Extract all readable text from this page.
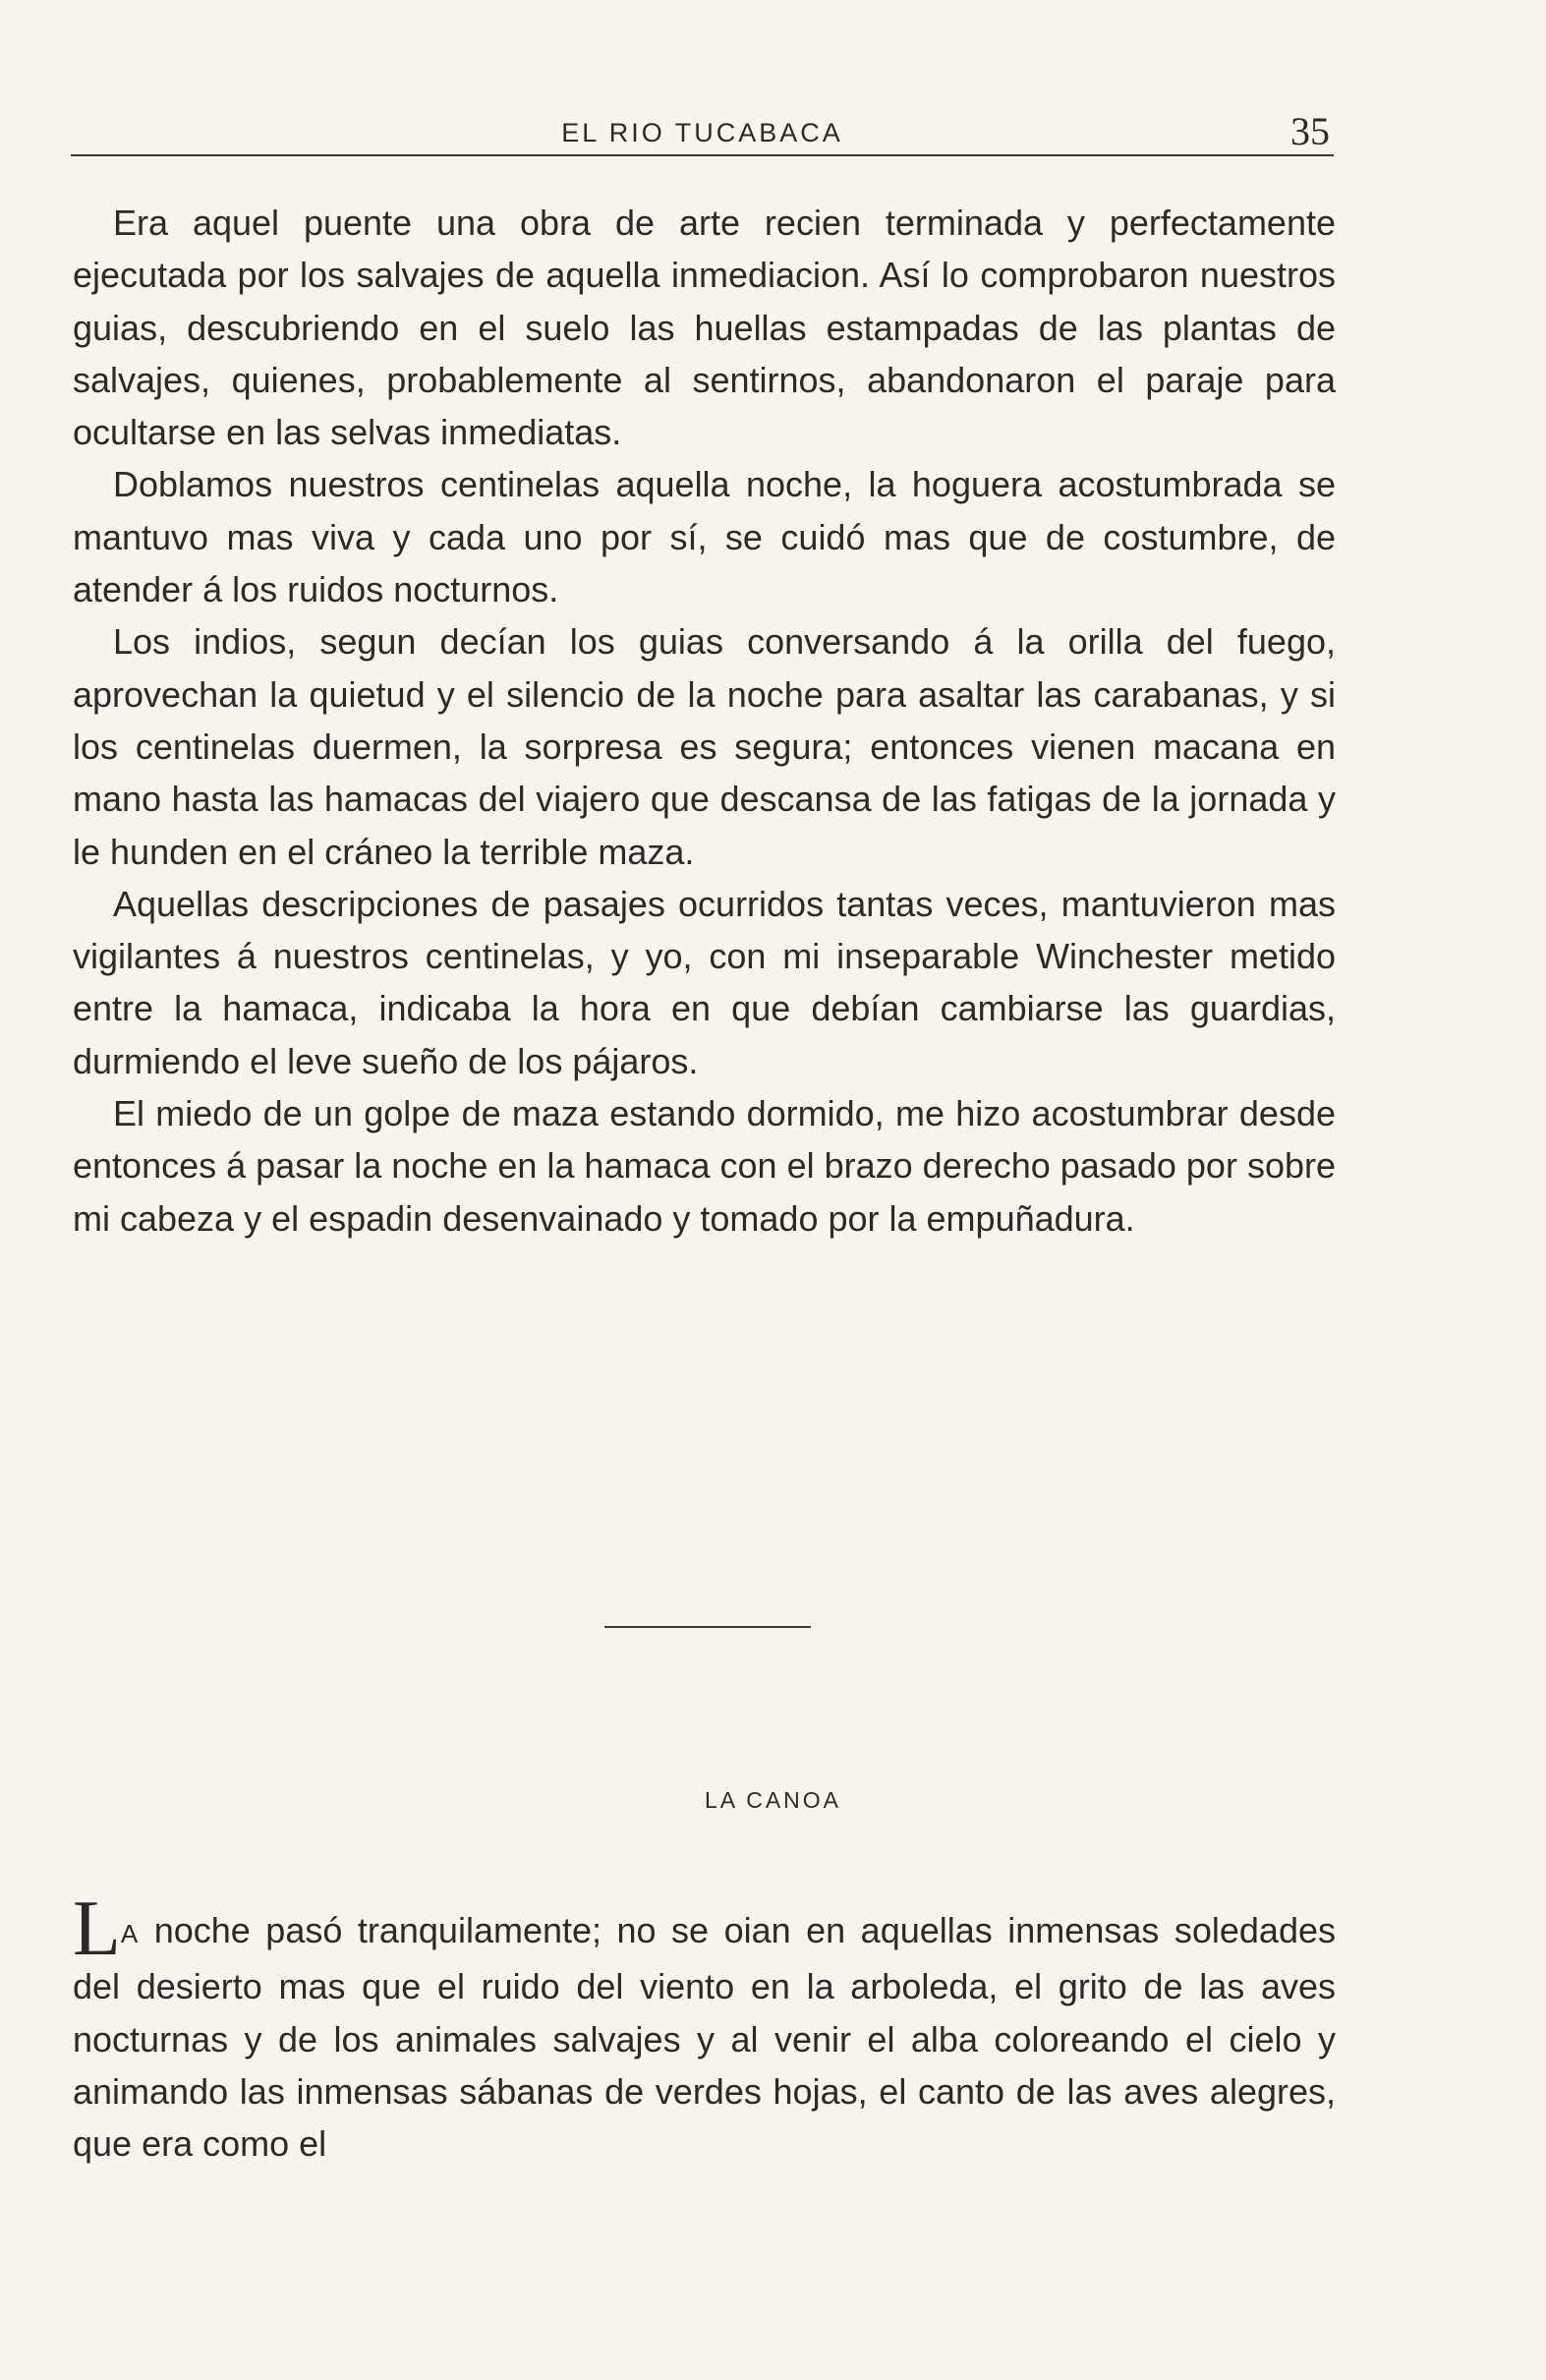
EL RIO TUCABACA	35

Era aquel puente una obra de arte recien terminada y perfectamente ejecutada por los salvajes de aquella inmediacion. Así lo comprobaron nuestros guias, descubriendo en el suelo las huellas estampadas de las plantas de salvajes, quienes, probablemente al sentirnos, abandonaron el paraje para ocultarse en las selvas inmediatas.

Doblamos nuestros centinelas aquella noche, la hoguera acostumbrada se mantuvo mas viva y cada uno por sí, se cuidó mas que de costumbre, de atender á los ruidos nocturnos.

Los indios, segun decían los guias conversando á la orilla del fuego, aprovechan la quietud y el silencio de la noche para asaltar las carabanas, y si los centinelas duermen, la sorpresa es segura; entonces vienen macana en mano hasta las hamacas del viajero que descansa de las fatigas de la jornada y le hunden en el cráneo la terrible maza.

Aquellas descripciones de pasajes ocurridos tantas veces, mantuvieron mas vigilantes á nuestros centinelas, y yo, con mi inseparable Winchester metido entre la hamaca, indicaba la hora en que debían cambiarse las guardias, durmiendo el leve sueño de los pájaros.

El miedo de un golpe de maza estando dormido, me hizo acostumbrar desde entonces á pasar la noche en la hamaca con el brazo derecho pasado por sobre mi cabeza y el espadin desenvainado y tomado por la empuñadura.

LA CANOA

LA noche pasó tranquilamente; no se oian en aquellas inmensas soledades del desierto mas que el ruido del viento en la arboleda, el grito de las aves nocturnas y de los animales salvajes y al venir el alba coloreando el cielo y animando las inmensas sábanas de verdes hojas, el canto de las aves alegres, que era como el
